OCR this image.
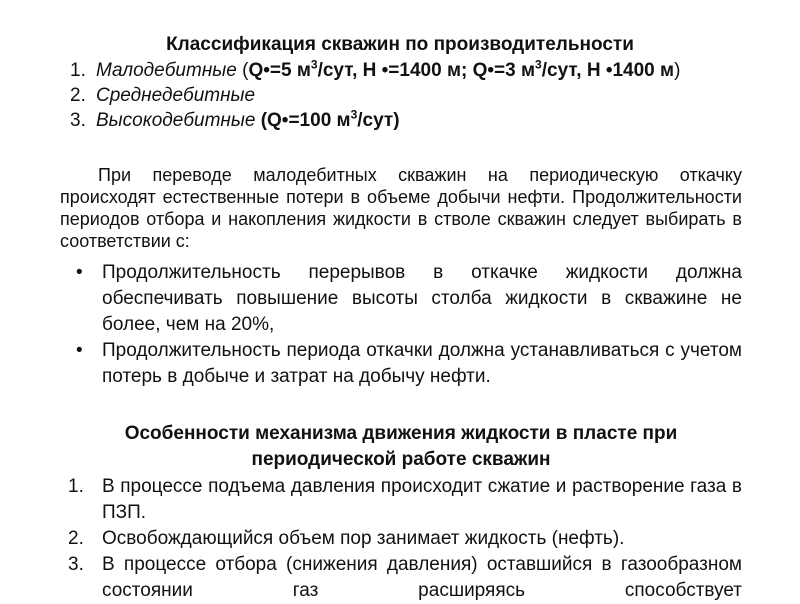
Классификация скважин по производительности
1. Малодебитные (Q•=5 $м^3$/сут, Н •=1400 м; Q•=3 $м^3$/сут, Н •1400 м)
2. Среднедебитные
3. Высокодебитные (Q•=100 $м^3/сут$)
При переводе малодебитных скважин на периодическую откачку происходят естественные потери в объеме добычи нефти. Продолжительности периодов отбора и накопления жидкости в стволе скважин следует выбирать в соответствии с:
• Продолжительность перерывов в откачке жидкости должна обеспечивать повышение высоты столба жидкости в скважине не более, чем на 20%,
• Продолжительность периода откачки должна устанавливаться с учетом потерь в добыче и затрат на добычу нефти.
Особенности механизма движения жидкости в пласте при периодической работе скважин
1. В процессе подъема давления происходит сжатие и растворение газа в ПЗП.
2. Освобождающийся объем пор занимает жидкость (нефть).
3. В процессе отбора (снижения давления) оставшийся в газообразном состоянии газ расширяясь способствует
